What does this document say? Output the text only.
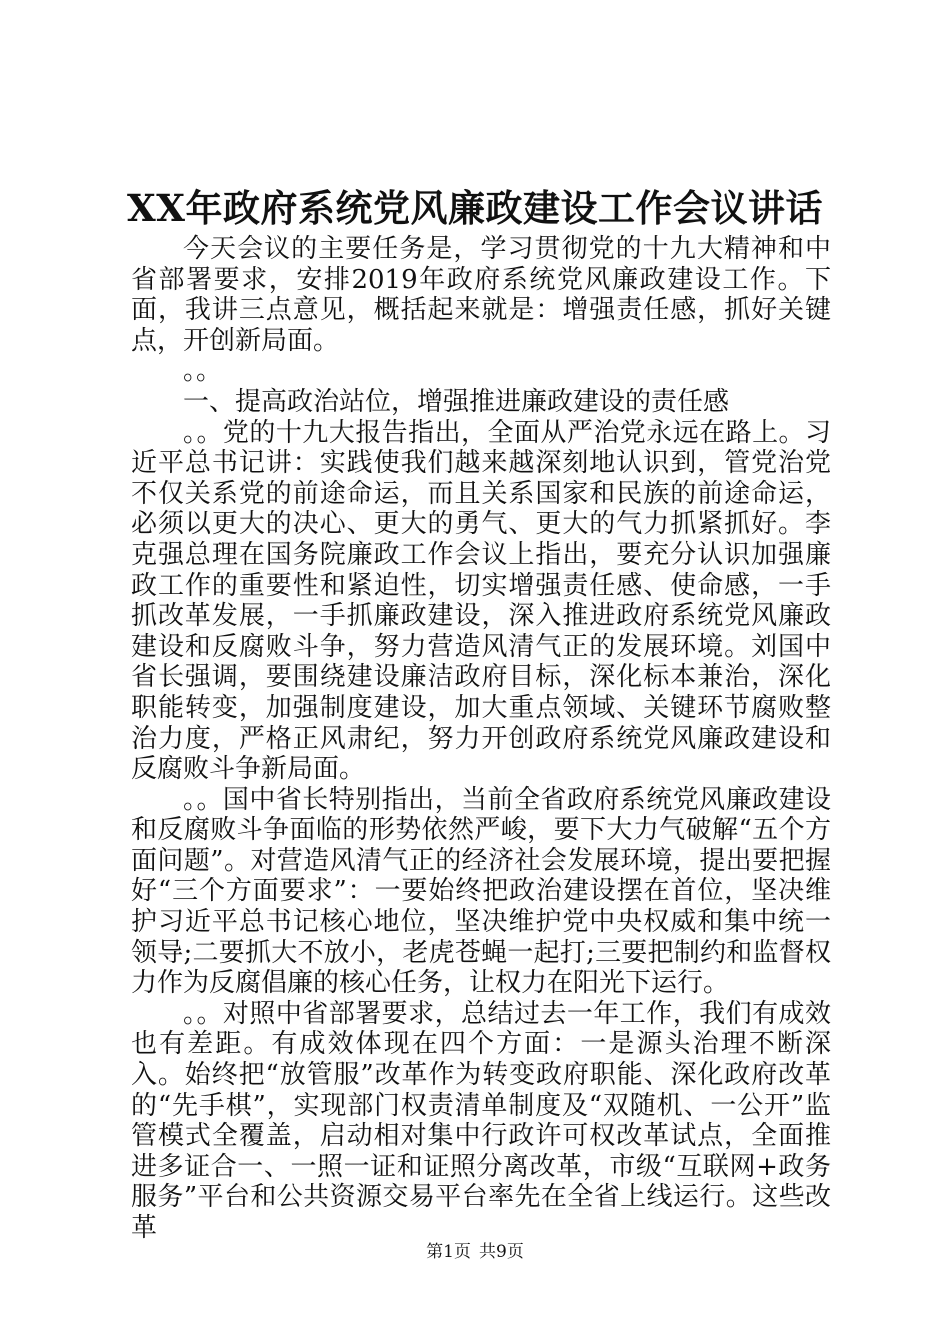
XX年政府系统党风廉政建设工作会议讲话

今天会议的主要任务是，学习贯彻党的十九大精神和中省部署要求，安排2019年政府系统党风廉政建设工作。下面，我讲三点意见，概括起来就是：增强责任感，抓好关键点，开创新局面。

。。

一、提高政治站位，增强推进廉政建设的责任感

。。党的十九大报告指出，全面从严治党永远在路上。习近平总书记讲：实践使我们越来越深刻地认识到，管党治党不仅关系党的前途命运，而且关系国家和民族的前途命运，必须以更大的决心、更大的勇气、更大的气力抓紧抓好。李克强总理在国务院廉政工作会议上指出，要充分认识加强廉政工作的重要性和紧迫性，切实增强责任感、使命感，一手抓改革发展，一手抓廉政建设，深入推进政府系统党风廉政建设和反腐败斗争，努力营造风清气正的发展环境。刘国中省长强调，要围绕建设廉洁政府目标，深化标本兼治，深化职能转变，加强制度建设，加大重点领域、关键环节腐败整治力度，严格正风肃纪，努力开创政府系统党风廉政建设和反腐败斗争新局面。

。。国中省长特别指出，当前全省政府系统党风廉政建设和反腐败斗争面临的形势依然严峻，要下大力气破解“五个方面问题”。对营造风清气正的经济社会发展环境，提出要把握好“三个方面要求”：一要始终把政治建设摆在首位，坚决维护习近平总书记核心地位，坚决维护党中央权威和集中统一领导;二要抓大不放小，老虎苍蝇一起打;三要把制约和监督权力作为反腐倡廉的核心任务，让权力在阳光下运行。

。。对照中省部署要求，总结过去一年工作，我们有成效也有差距。有成效体现在四个方面：一是源头治理不断深入。始终把“放管服”改革作为转变政府职能、深化政府改革的“先手棋”，实现部门权责清单制度及“双随机、一公开”监管模式全覆盖，启动相对集中行政许可权改革试点，全面推进多证合一、一照一证和证照分离改革，市级“互联网+政务服务”平台和公共资源交易平台率先在全省上线运行。这些改革

第1页 共9页
